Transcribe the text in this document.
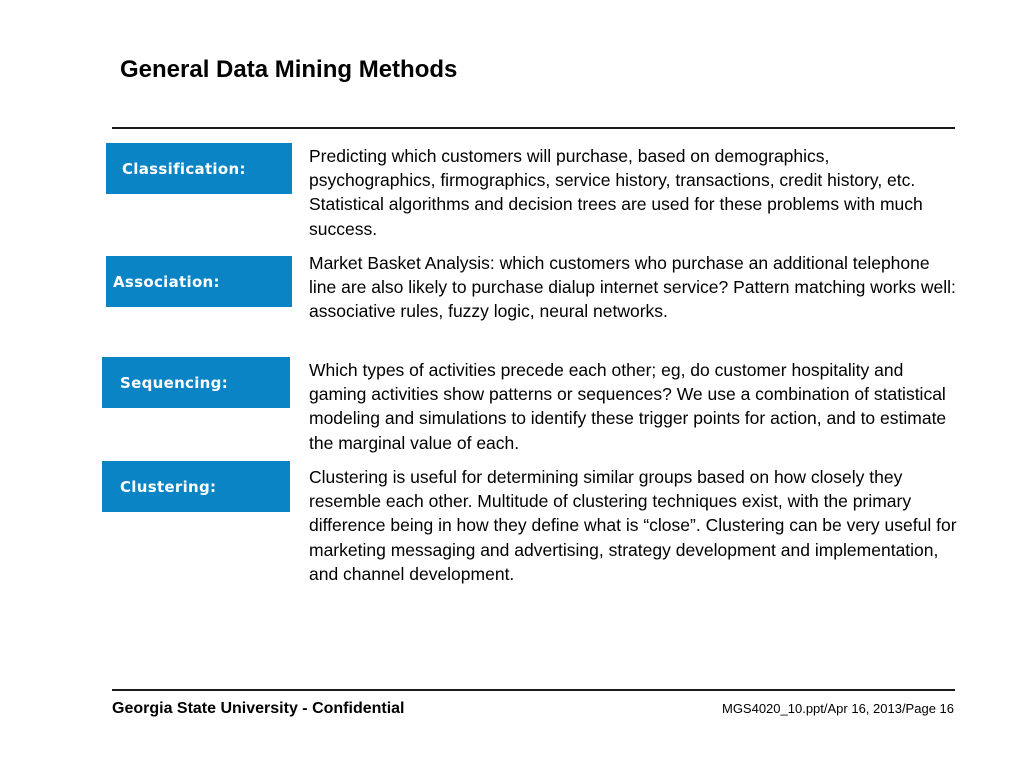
General Data Mining Methods
Classification:

Predicting which customers will purchase, based on demographics, psychographics, firmographics, service history, transactions, credit history, etc. Statistical algorithms and decision trees are used for these problems with much success.

Association:

Market Basket Analysis: which customers who purchase an additional telephone line are also likely to purchase dialup internet service? Pattern matching works well: associative rules, fuzzy logic, neural networks.

Sequencing:

Which types of activities precede each other; eg, do customer hospitality and gaming activities show patterns or sequences? We use a combination of statistical modeling and simulations to identify these trigger points for action, and to estimate the marginal value of each.

Clustering:	Clustering is useful for determining similar groups based on how closely they resemble each other. Multitude of clustering techniques exist, with the primary difference being in how they define what is “close”. Clustering can be very useful for marketing messaging and advertising, strategy development and implementation, and channel development.

Georgia State University - Confidential	MGS4020_10.ppt/Apr 16, 2013/Page 16
